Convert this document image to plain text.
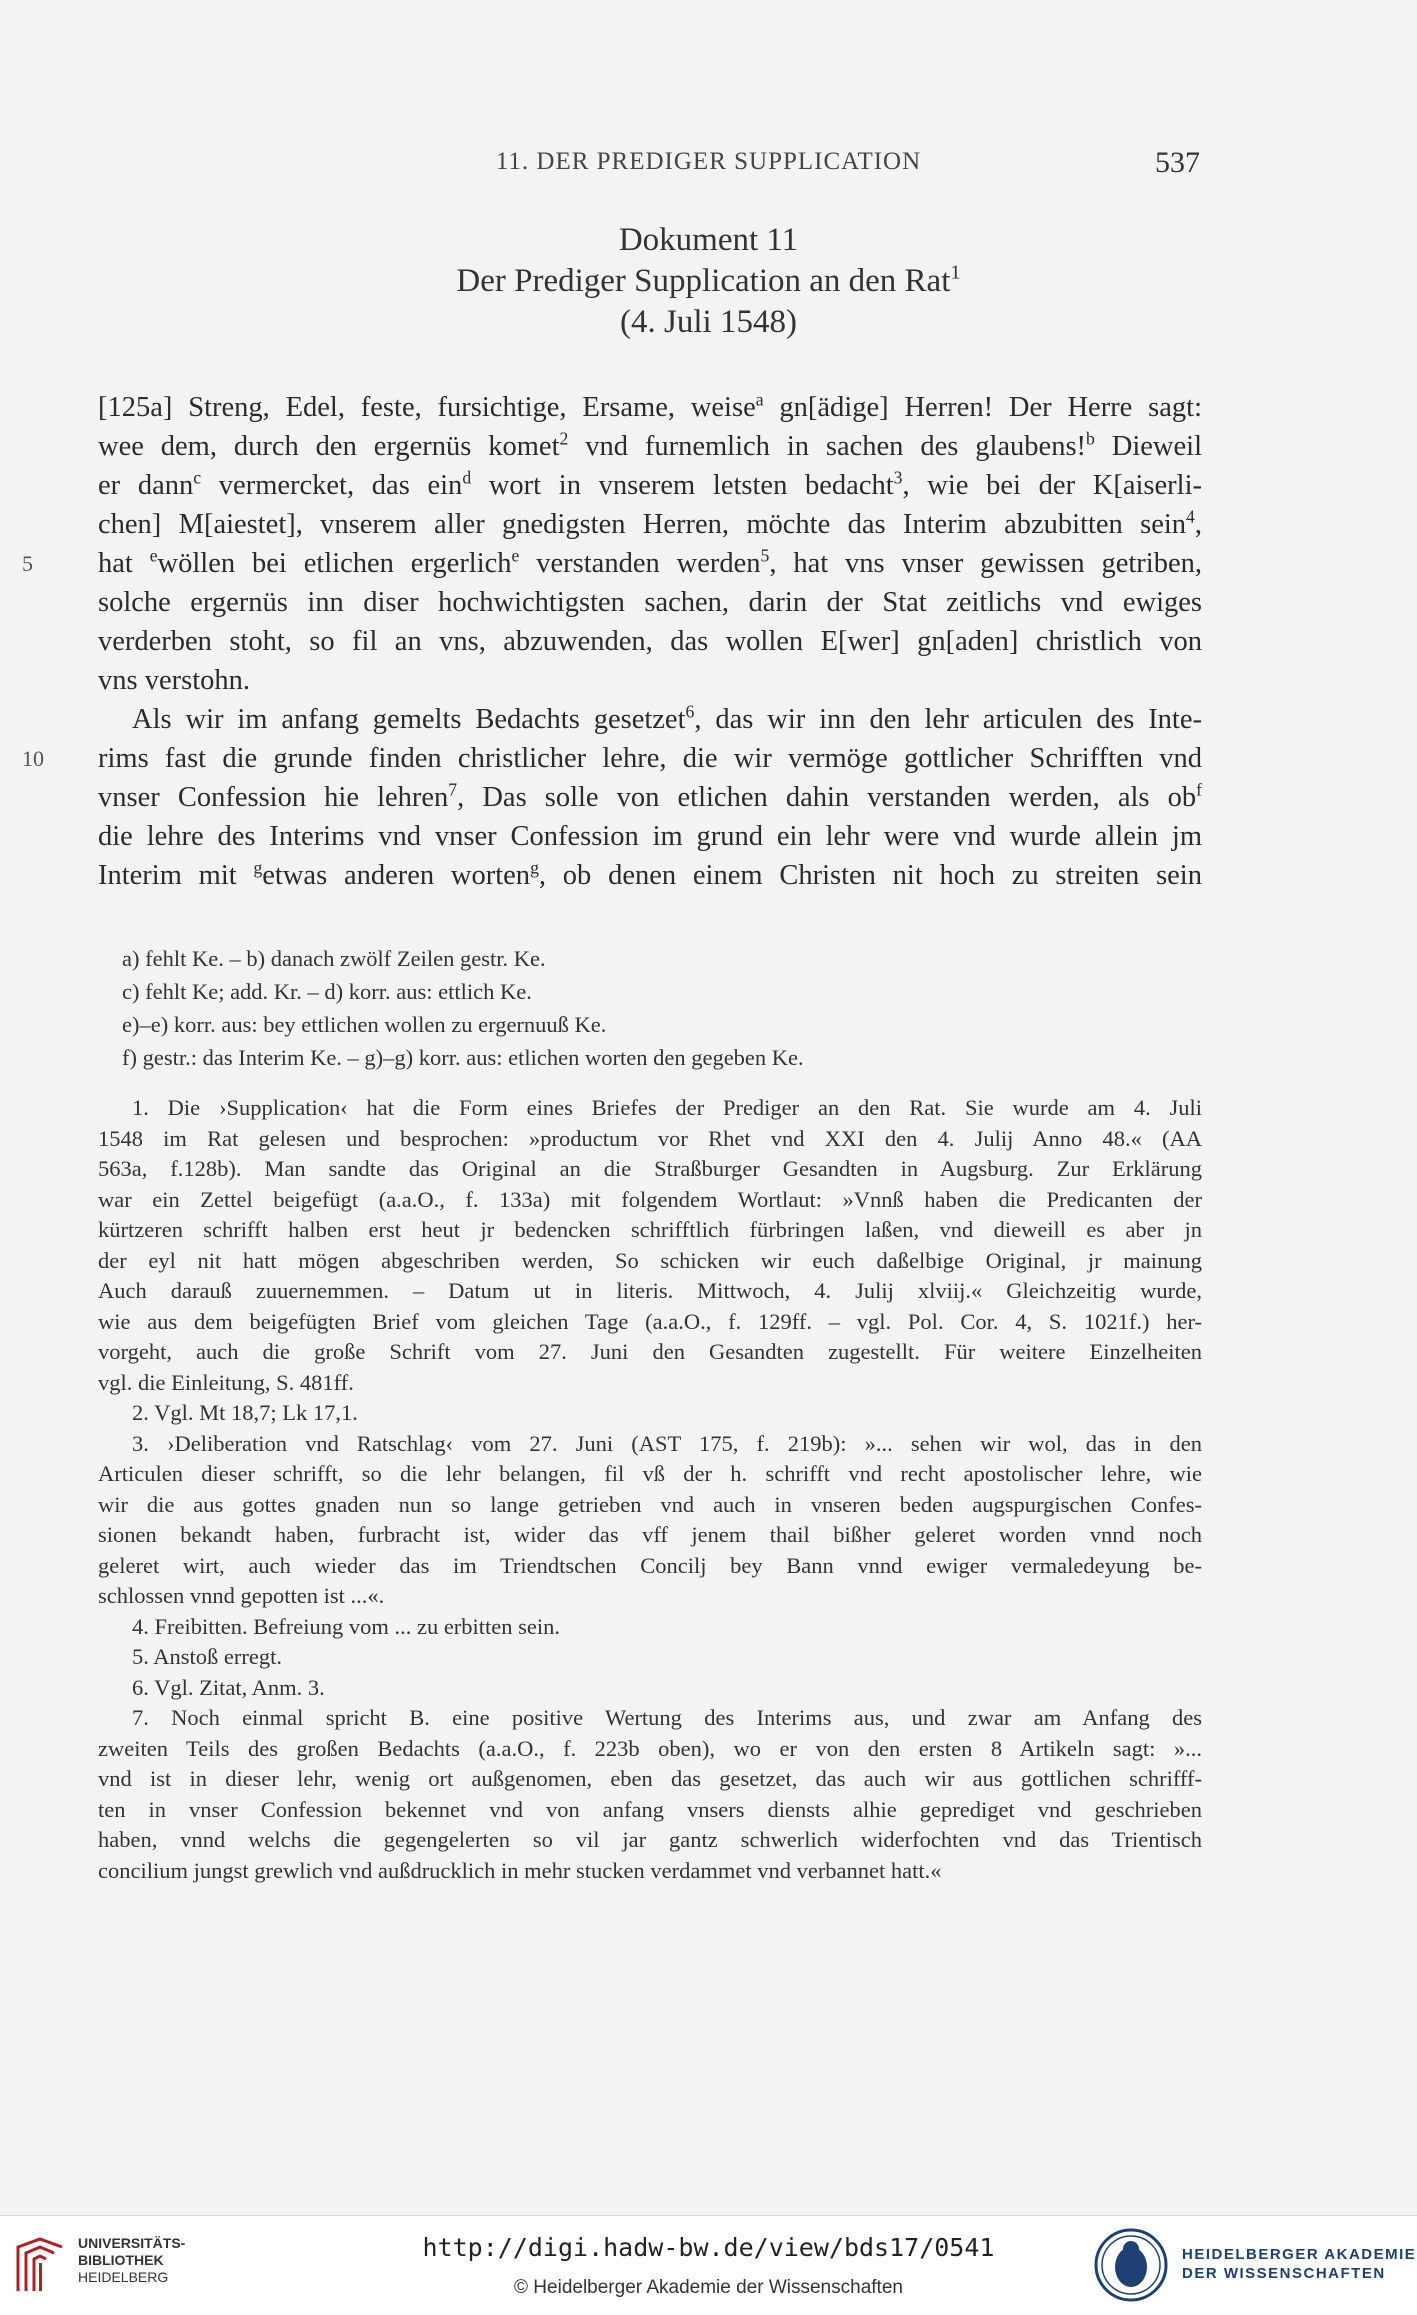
11. DER PREDIGER SUPPLICATION	537
Dokument 11
Der Prediger Supplication an den Rat$^1$
(4. Juli 1548)
[125a] Streng, Edel, feste, fursichtige, Ersame, weise$^a$ gn[ädige] Herren! Der Herre sagt:
wee dem, durch den ergernüs komet$^2$ vnd furnemlich in sachen des glaubens!$^b$ Dieweil
er dann$^c$ vermercket, das ein$^d$ wort in vnserem letsten bedacht$^3$, wie bei der K[aiserli-
chen] M[aiestet], vnserem aller gnedigsten Herren, möchte das Interim abzubitten sein$^4$,
5	hat $^e$wöllen bei etlichen ergerlich$^e$ verstanden werden$^5$, hat vns vnser gewissen getriben,
solche ergernüs inn diser hochwichtigsten sachen, darin der Stat zeitlichs vnd ewiges
verderben stoht, so fil an vns, abzuwenden, das wollen E[wer] gn[aden] christlich von
vns verstohn.
Als wir im anfang gemelts Bedachts gesetzet$^6$, das wir inn den lehr articulen des Inte-
10	rims fast die grunde finden christlicher lehre, die wir vermöge gottlicher Schrifften vnd
vnser Confession hie lehren$^7$, Das solle von etlichen dahin verstanden werden, als $ob^f$
die lehre des Interims vnd vnser Confession im grund ein lehr were vnd wurde allein jm
Interim mit $^g$etwas anderen worten$^g$, ob denen einem Christen nit hoch zu streiten sein
a) fehlt Ke. – b) danach zwölf Zeilen gestr. Ke.
c) fehlt Ke; add. Kr. – d) korr. aus: ettlich Ke.
e)–e) korr. aus: bey ettlichen wollen zu ergernuuß Ke.
f) gestr.: das Interim Ke. – g)–g) korr. aus: etlichen worten den gegeben Ke.
1. Die ›Supplication‹ hat die Form eines Briefes der Prediger an den Rat. Sie wurde am 4. Juli
1548 im Rat gelesen und besprochen: »productum vor Rhet vnd XXI den 4. Julij Anno 48.« (AA
563a, f.128b). Man sandte das Original an die Straßburger Gesandten in Augsburg. Zur Erklärung
war ein Zettel beigefügt (a.a.O., f. 133a) mit folgendem Wortlaut: »Vnnß haben die Predicanten der
kürtzeren schrifft halben erst heut jr bedencken schrifftlich fürbringen laßen, vnd dieweill es aber jn
der eyl nit hatt mögen abgeschriben werden, So schicken wir euch daßelbige Original, jr mainung
Auch darauß zuuernemmen. – Datum ut in literis. Mittwoch, 4. Julij xlviij.« Gleichzeitig wurde,
wie aus dem beigefügten Brief vom gleichen Tage (a.a.O., f. 129ff. – vgl. Pol. Cor. 4, S. 1021f.) her-
vorgeht, auch die große Schrift vom 27. Juni den Gesandten zugestellt. Für weitere Einzelheiten
vgl. die Einleitung, S. 481ff.
2. Vgl. Mt 18,7; Lk 17,1.
3. ›Deliberation vnd Ratschlag‹ vom 27. Juni (AST 175, f. 219b): »... sehen wir wol, das in den
Articulen dieser schrifft, so die lehr belangen, fil vß der h. schrifft vnd recht apostolischer lehre, wie
wir die aus gottes gnaden nun so lange getrieben vnd auch in vnseren beden augspurgischen Confes-
sionen bekandt haben, furbracht ist, wider das vff jenem thail bißher geleret worden vnnd noch
geleret wirt, auch wieder das im Triendtschen Concilj bey Bann vnnd ewiger vermaledeyung be-
schlossen vnnd gepotten ist ...«.
4. Freibitten. Befreiung vom ... zu erbitten sein.
5. Anstoß erregt.
6. Vgl. Zitat, Anm. 3.
7. Noch einmal spricht B. eine positive Wertung des Interims aus, und zwar am Anfang des
zweiten Teils des großen Bedachts (a.a.O., f. 223b oben), wo er von den ersten 8 Artikeln sagt: »...
vnd ist in dieser lehr, wenig ort außgenomen, eben das gesetzet, das auch wir aus gottlichen schrifff-
ten in vnser Confession bekennet vnd von anfang vnsers diensts alhie geprediget vnd geschrieben
haben, vnnd welchs die gegengelerten so vil jar gantz schwerlich widerfochten vnd das Trientisch
concilium jungst grewlich vnd außdrucklich in mehr stucken verdammet vnd verbannet hatt.«
UNIVERSITÄTS-
BIBLIOTHEK
HEIDELBERG
http://digi.hadw-bw.de/view/bds17/0541
© Heidelberger Akademie der Wissenschaften
HEIDELBERGER AKADEMIE
DER WISSENSCHAFTEN
